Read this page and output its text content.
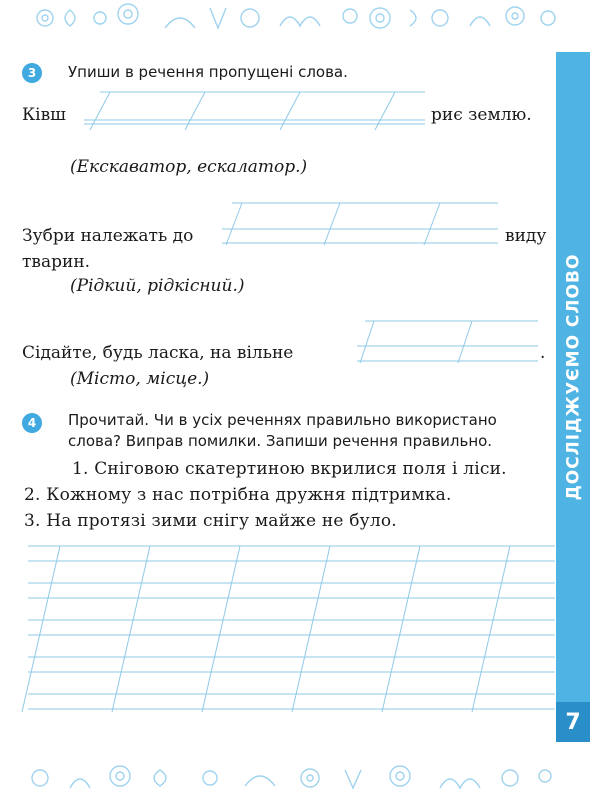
ДОСЛІДЖУЄМО СЛОВО
7
3	Упиши в речення пропущені слова.
Ківш	риє землю.
(Екскаватор, ескалатор.)
Зубри належать до	виду
тварин.
(Рідкий, рідкісний.)
Сідайте, будь ласка, на вільне	.
(Місто, місце.)
4	Прочитай. Чи в усіх реченнях правильно використано
слова? Виправ помилки. Запиши речення правильно.
1. Сніговою скатертиною вкрилися поля і ліси.
2. Кожному з нас потрібна дружня підтримка.
3. На протязі зими снігу майже не було.
